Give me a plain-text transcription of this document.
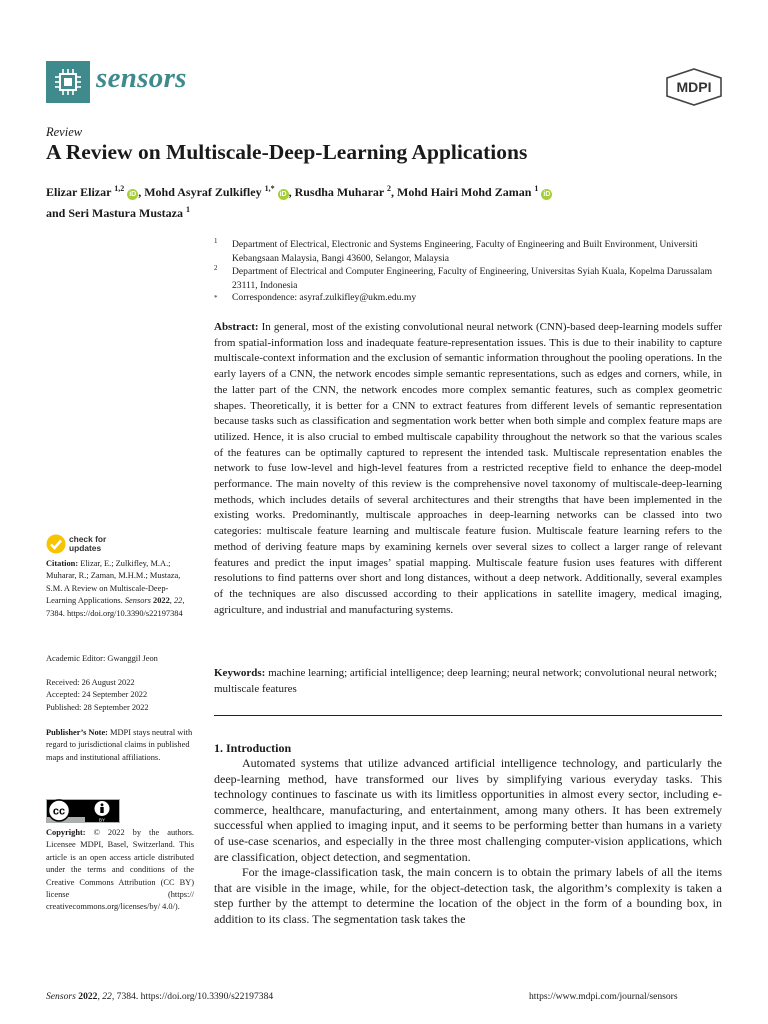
sensors	MDPI
Review
A Review on Multiscale-Deep-Learning Applications
Elizar Elizar $^{1,2}$ iD , Mohd Asyraf Zulkifley $^{1,*}$ iD , Rusdha Muharar $^2$, Mohd Hairi Mohd Zaman $^1$ iD
and Seri Mastura Mustaza $^1$
1 Department of Electrical, Electronic and Systems Engineering, Faculty of Engineering and Built Environment, Universiti Kebangsaan Malaysia, Bangi 43600, Selangor, Malaysia
2 Department of Electrical and Computer Engineering, Faculty of Engineering, Universitas Syiah Kuala, Kopelma Darussalam 23111, Indonesia
* Correspondence: asyraf.zulkifley@ukm.edu.my
Abstract: In general, most of the existing convolutional neural network (CNN)-based deep-learning models suffer from spatial-information loss and inadequate feature-representation issues. This is due to their inability to capture multiscale-context information and the exclusion of semantic information throughout the pooling operations. In the early layers of a CNN, the network encodes simple semantic representations, such as edges and corners, while, in the latter part of the CNN, the network encodes more complex semantic features, such as complex geometric shapes. Theoretically, it is better for a CNN to extract features from different levels of semantic representation because tasks such as classification and segmentation work better when both simple and complex feature maps are utilized. Hence, it is also crucial to embed multiscale capability throughout the network so that the various scales of the features can be optimally captured to represent the intended task. Multiscale representation enables the network to fuse low-level and high-level features from a restricted receptive field to enhance the deep-model performance. The main novelty of this review is the comprehensive novel taxonomy of multiscale-deep-learning methods, which includes details of several architectures and their strengths that have been implemented in the existing works. Predominantly, multiscale approaches in deep-learning networks can be classed into two categories: multiscale feature learning and multiscale feature fusion. Multiscale feature learning refers to the method of deriving feature maps by examining kernels over several sizes to collect a larger range of relevant features and predict the input images’ spatial mapping. Multiscale feature fusion uses features with different resolutions to find patterns over short and long distances, without a deep network. Additionally, several examples of the techniques are also discussed according to their applications in satellite imagery, medical imaging, agriculture, and industrial and manufacturing systems.
Keywords: machine learning; artificial intelligence; deep learning; neural network; convolutional neural network; multiscale features
1. Introduction

Automated systems that utilize advanced artificial intelligence technology, and particularly the deep-learning method, have transformed our lives by simplifying various everyday tasks. This technology continues to fascinate us with its limitless opportunities in almost every sector, including e-commerce, healthcare, manufacturing, and entertainment, among many others. It has been extremely successful when applied to imaging input, and it seems to be performing better than humans in a variety of use-case scenarios, and especially in the three most challenging computer-vision applications, which are classification, object detection, and segmentation.

For the image-classification task, the main concern is to obtain the primary labels of all the items that are visible in the image, while, for the object-detection task, the algorithm’s complexity is taken a step further by the attempt to determine the location of the object in the form of a bounding box, in addition to its class. The segmentation task takes the

check for
updates
Citation: Elizar, E.; Zulkifley, M.A.; Muharar, R.; Zaman, M.H.M.; Mustaza, S.M. A Review on Multiscale-Deep-Learning Applications. Sensors 2022, 22, 7384. https://doi.org/10.3390/s22197384
Academic Editor: Gwanggil Jeon
Received: 26 August 2022
Accepted: 24 September 2022
Published: 28 September 2022
Publisher’s Note: MDPI stays neutral with regard to jurisdictional claims in published maps and institutional affiliations.
cc
BY
Copyright: © 2022 by the authors. Licensee MDPI, Basel, Switzerland. This article is an open access article distributed under the terms and conditions of the Creative Commons Attribution (CC BY) license (https:// creativecommons.org/licenses/by/ 4.0/).
Sensors 2022, 22, 7384. https://doi.org/10.3390/s22197384	https://www.mdpi.com/journal/sensors
